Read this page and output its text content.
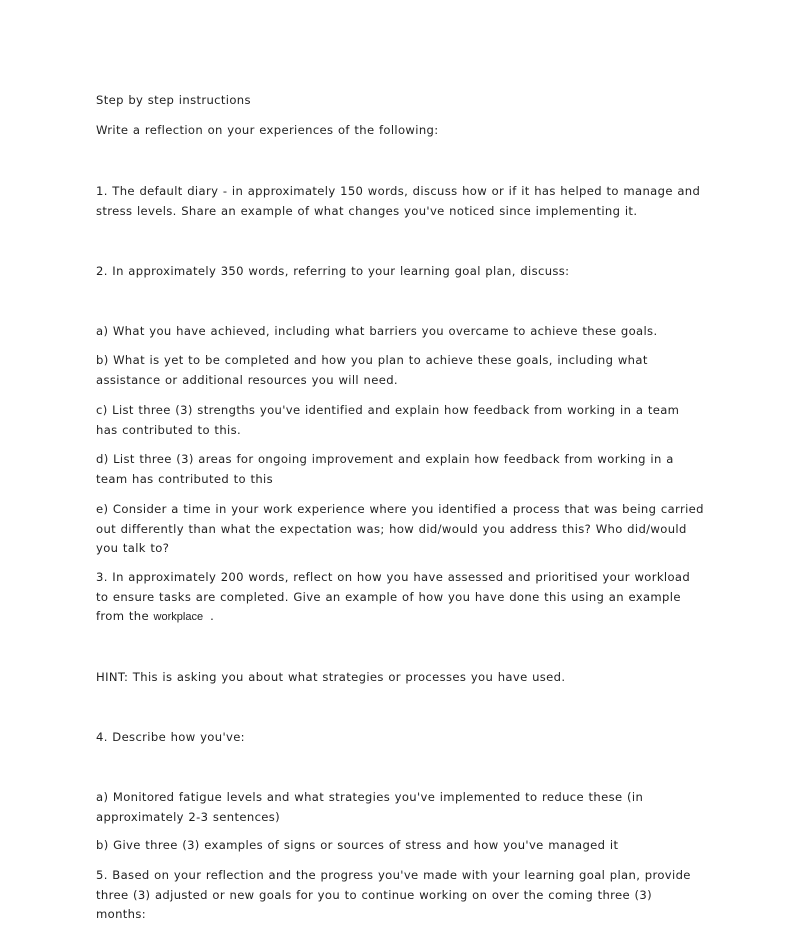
Step by step instructions

Write a reflection on your experiences of the following:

1. The default diary - in approximately 150 words, discuss how or if it has helped to manage and stress levels. Share an example of what changes you've noticed since implementing it.

2. In approximately 350 words, referring to your learning goal plan, discuss:

a) What you have achieved, including what barriers you overcame to achieve these goals.

b) What is yet to be completed and how you plan to achieve these goals, including what assistance or additional resources you will need.

c) List three (3) strengths you've identified and explain how feedback from working in a team has contributed to this.

d) List three (3) areas for ongoing improvement and explain how feedback from working in a team has contributed to this

e) Consider a time in your work experience where you identified a process that was being carried out differently than what the expectation was; how did/would you address this? Who did/would you talk to?

3. In approximately 200 words, reflect on how you have assessed and prioritised your workload to ensure tasks are completed. Give an example of how you have done this using an example from the workplace .

HINT: This is asking you about what strategies or processes you have used.

4. Describe how you've:

a) Monitored fatigue levels and what strategies you've implemented to reduce these (in approximately 2-3 sentences)

b) Give three (3) examples of signs or sources of stress and how you've managed it

5. Based on your reflection and the progress you've made with your learning goal plan, provide three (3) adjusted or new goals for you to continue working on over the coming three (3) months:
